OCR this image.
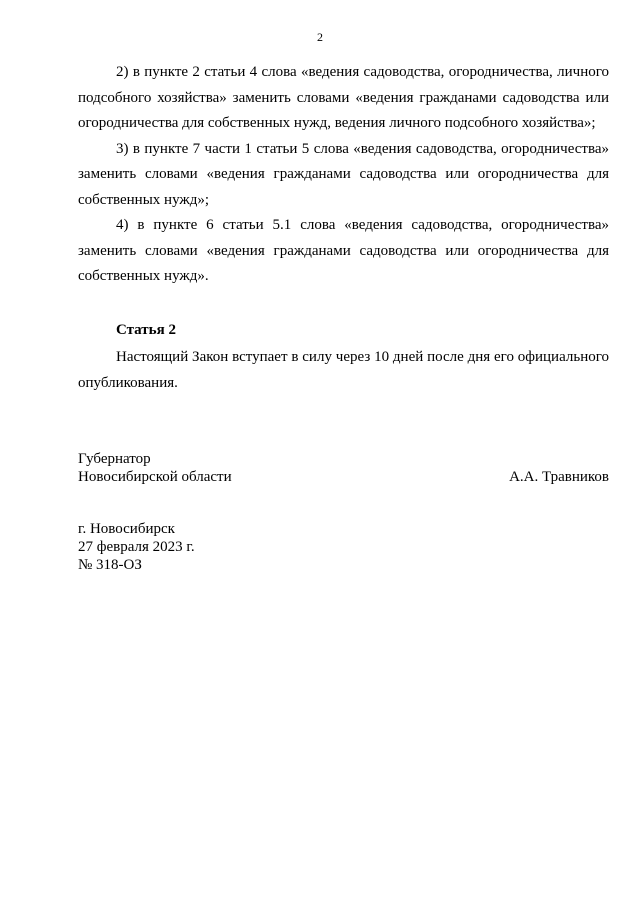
2

2) в пункте 2 статьи 4 слова «ведения садоводства, огородничества, личного подсобного хозяйства» заменить словами «ведения гражданами садоводства или огородничества для собственных нужд, ведения личного подсобного хозяйства»;

3) в пункте 7 части 1 статьи 5 слова «ведения садоводства, огородничества» заменить словами «ведения гражданами садоводства или огородничества для собственных нужд»;

4) в пункте 6 статьи 5.1 слова «ведения садоводства, огородничества» заменить словами «ведения гражданами садоводства или огородничества для собственных нужд».

Статья 2

Настоящий Закон вступает в силу через 10 дней после дня его официального опубликования.

Губернатор
Новосибирской области	А.А. Травников
г. Новосибирск
27 февраля 2023 г.
№ 318-ОЗ
